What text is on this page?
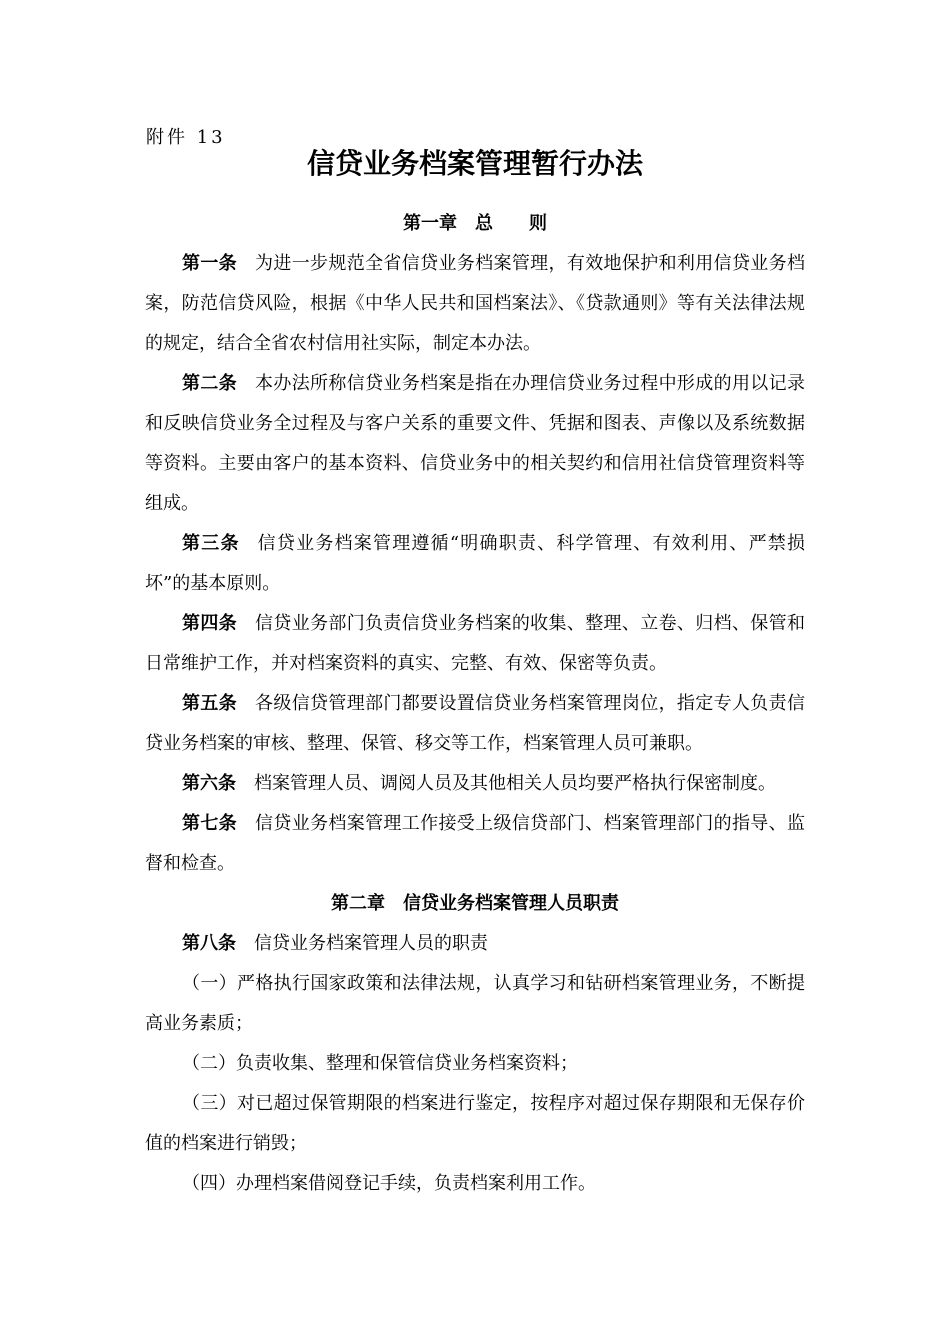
附件 13
信贷业务档案管理暂行办法
第一章　总　　则

第一条 为进一步规范全省信贷业务档案管理，有效地保护和利用信贷业务档案，防范信贷风险，根据《中华人民共和国档案法》、《贷款通则》等有关法律法规的规定，结合全省农村信用社实际，制定本办法。

第二条 本办法所称信贷业务档案是指在办理信贷业务过程中形成的用以记录和反映信贷业务全过程及与客户关系的重要文件、凭据和图表、声像以及系统数据等资料。主要由客户的基本资料、信贷业务中的相关契约和信用社信贷管理资料等组成。

第三条 信贷业务档案管理遵循“明确职责、科学管理、有效利用、严禁损坏”的基本原则。

第四条 信贷业务部门负责信贷业务档案的收集、整理、立卷、归档、保管和日常维护工作，并对档案资料的真实、完整、有效、保密等负责。

第五条 各级信贷管理部门都要设置信贷业务档案管理岗位，指定专人负责信贷业务档案的审核、整理、保管、移交等工作，档案管理人员可兼职。

第六条 档案管理人员、调阅人员及其他相关人员均要严格执行保密制度。

第七条 信贷业务档案管理工作接受上级信贷部门、档案管理部门的指导、监督和检查。

第二章　信贷业务档案管理人员职责

第八条 信贷业务档案管理人员的职责

（一）严格执行国家政策和法律法规，认真学习和钻研档案管理业务，不断提高业务素质；

（二）负责收集、整理和保管信贷业务档案资料；

（三）对已超过保管期限的档案进行鉴定，按程序对超过保存期限和无保存价值的档案进行销毁；

（四）办理档案借阅登记手续，负责档案利用工作。
